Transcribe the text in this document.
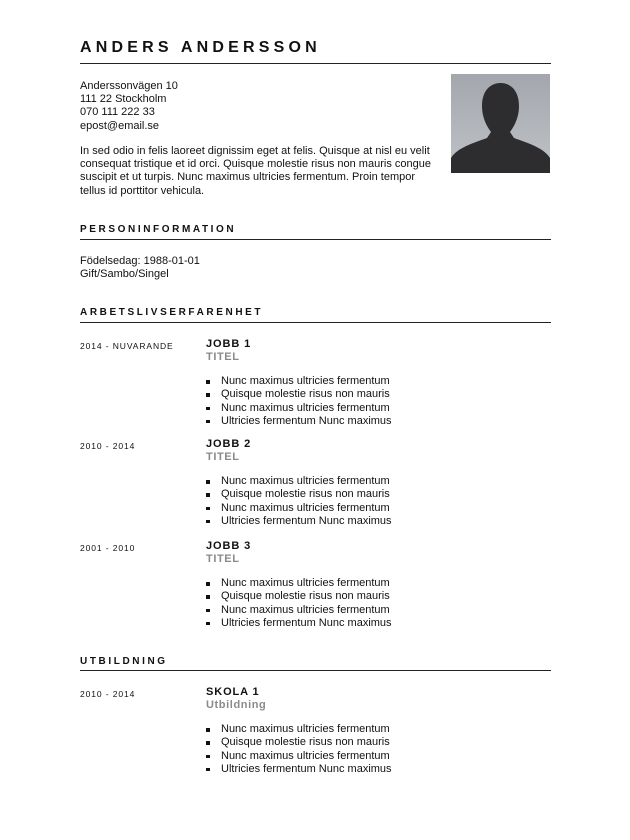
ANDERS ANDERSSON
Anderssonvägen 10
111 22 Stockholm
070 111 222 33
epost@email.se
In sed odio in felis laoreet dignissim eget at felis. Quisque at nisl eu velit consequat tristique et id orci. Quisque molestie risus non mauris congue suscipit et ut turpis. Nunc maximus ultricies fermentum. Proin tempor tellus id porttitor vehicula.
PERSONINFORMATION
Födelsedag: 1988-01-01
Gift/Sambo/Singel
ARBETSLIVSERFARENHET
2014 - NUVARANDE	JOBB 1
TITEL
Nunc maximus ultricies fermentum
Quisque molestie risus non mauris
Nunc maximus ultricies fermentum
Ultricies fermentum Nunc maximus
2010 - 2014	JOBB 2
TITEL
Nunc maximus ultricies fermentum
Quisque molestie risus non mauris
Nunc maximus ultricies fermentum
Ultricies fermentum Nunc maximus
2001 - 2010	JOBB 3
TITEL
Nunc maximus ultricies fermentum
Quisque molestie risus non mauris
Nunc maximus ultricies fermentum
Ultricies fermentum Nunc maximus
UTBILDNING
2010 - 2014	SKOLA 1
Utbildning
Nunc maximus ultricies fermentum
Quisque molestie risus non mauris
Nunc maximus ultricies fermentum
Ultricies fermentum Nunc maximus
